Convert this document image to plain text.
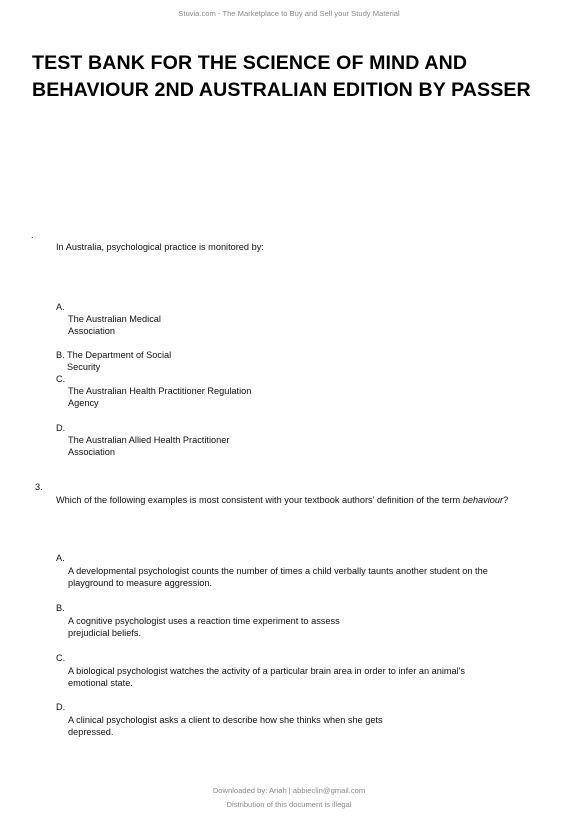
Stuvia.com - The Marketplace to Buy and Sell your Study Material
TEST BANK FOR THE SCIENCE OF MIND AND BEHAVIOUR 2ND AUSTRALIAN EDITION BY PASSER
.
In Australia, psychological practice is monitored by:
A.
The Australian Medical
Association
B. The Department of Social
Security
C.
The Australian Health Practitioner Regulation
Agency
D.
The Australian Allied Health Practitioner
Association
3.
Which of the following examples is most consistent with your textbook authors' definition of the term behaviour?
A.
A developmental psychologist counts the number of times a child verbally taunts another student on the
playground to measure aggression.
B.
A cognitive psychologist uses a reaction time experiment to assess
prejudicial beliefs.
C.
A biological psychologist watches the activity of a particular brain area in order to infer an animal's
emotional state.
D.
A clinical psychologist asks a client to describe how she thinks when she gets
depressed.
Downloaded by: Ariah | abbieclin@gmail.com
Distribution of this document is illegal
